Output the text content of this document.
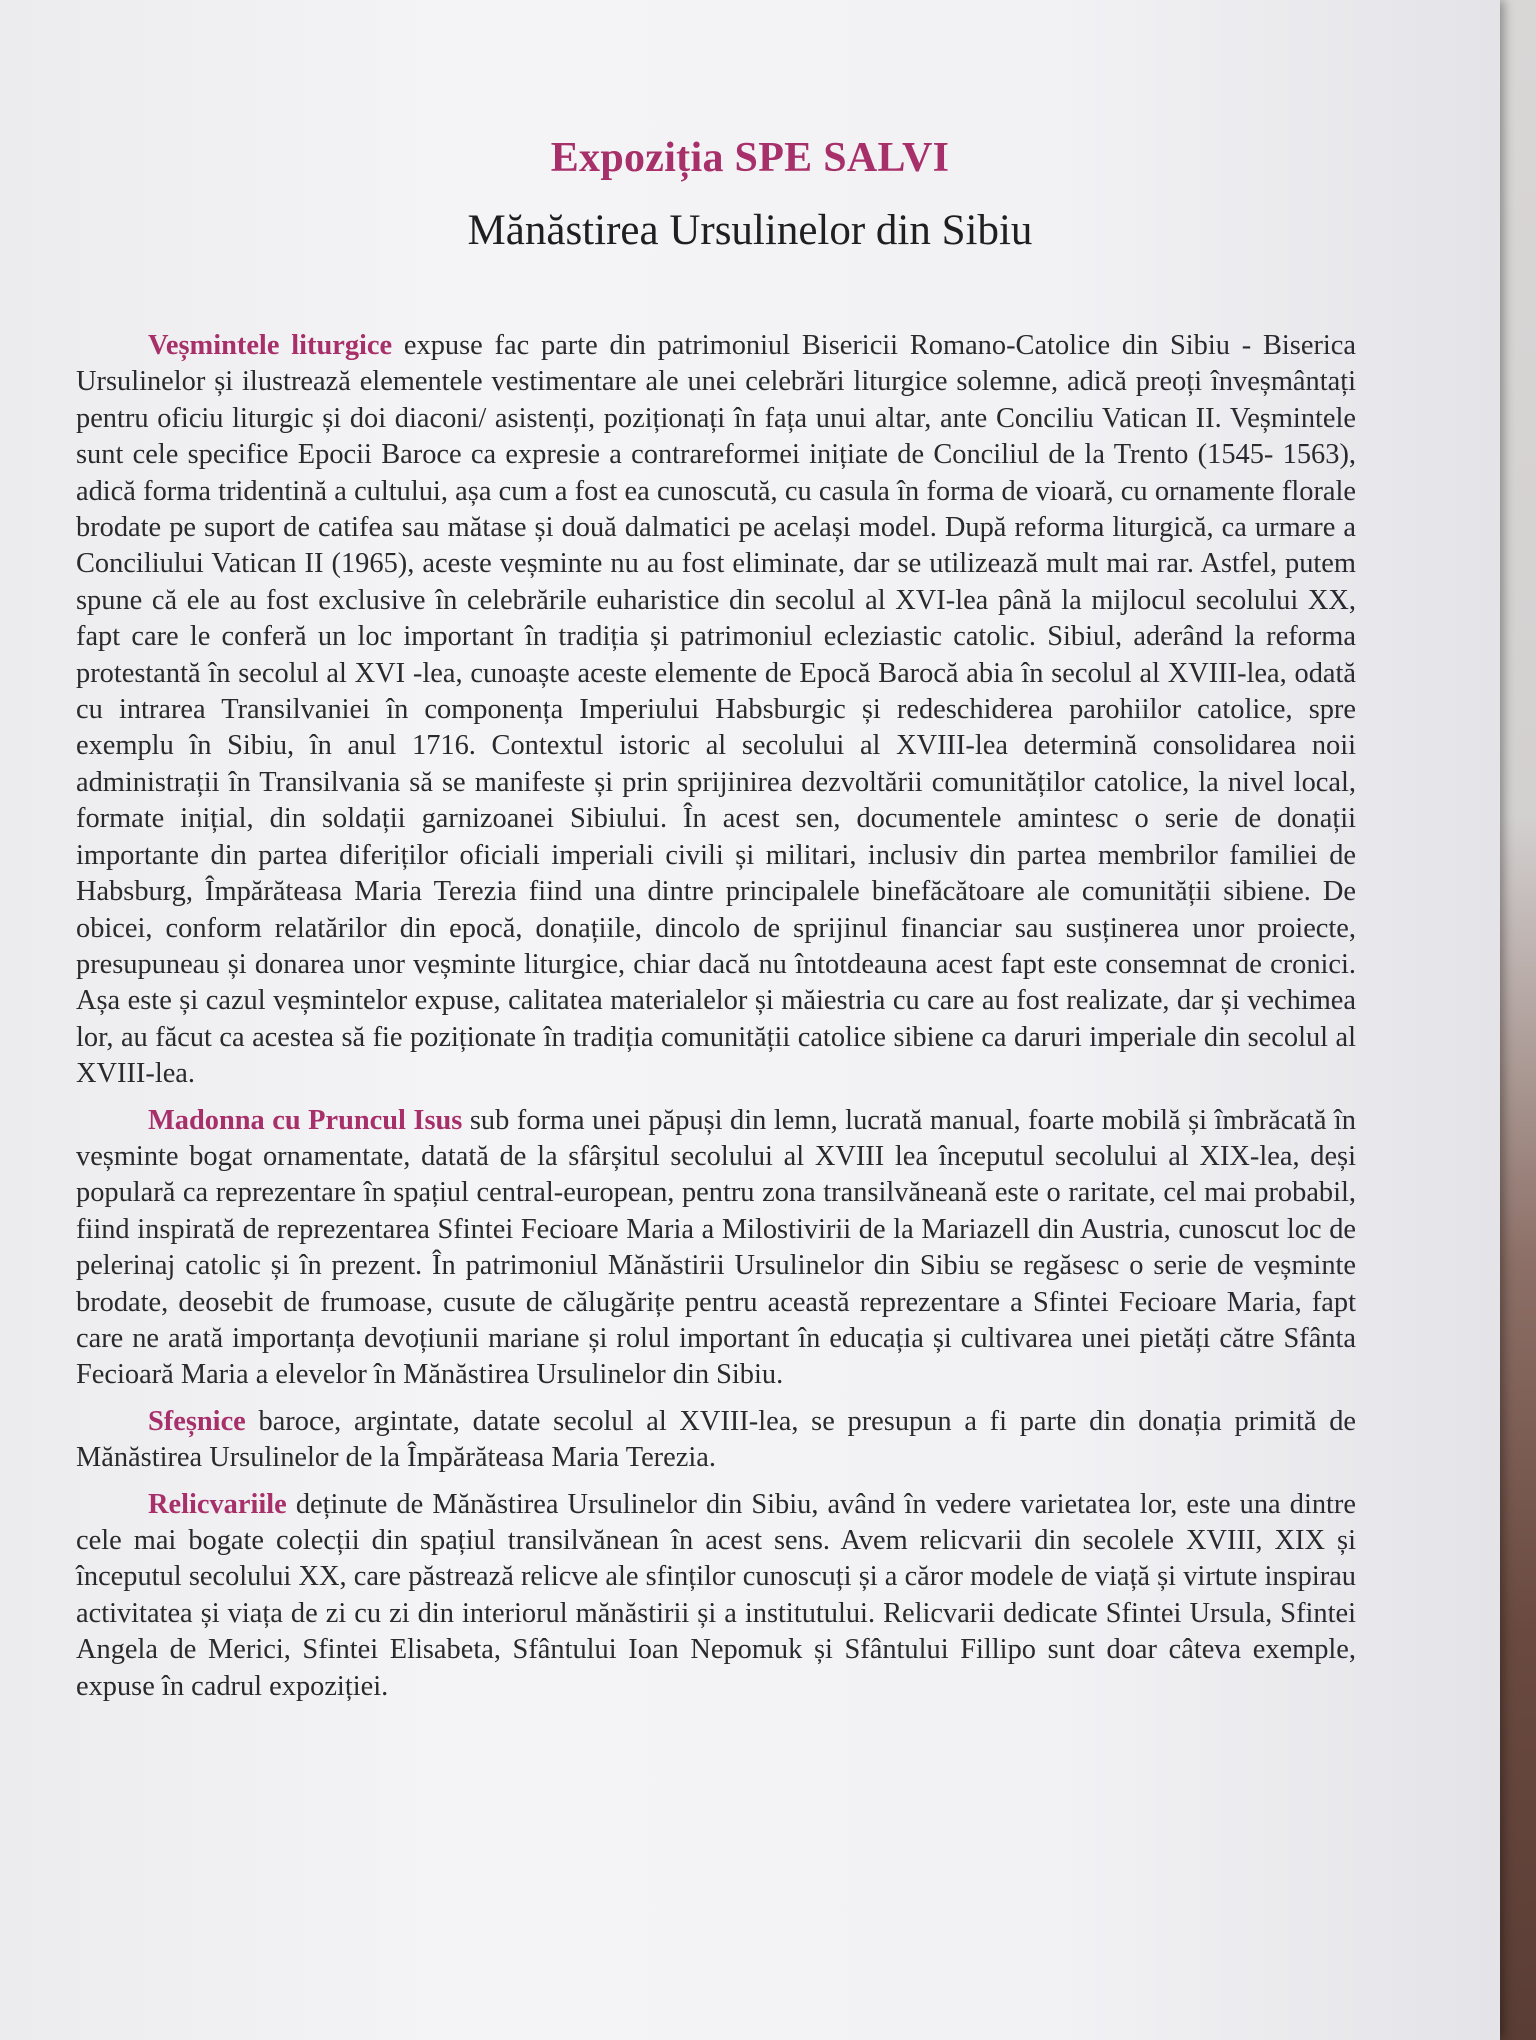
Expoziția SPE SALVI
Mănăstirea Ursulinelor din Sibiu

Veșmintele liturgice expuse fac parte din patrimoniul Bisericii Romano-Catolice din Sibiu - Biserica Ursulinelor și ilustrează elementele vestimentare ale unei celebrări liturgice solemne, adică preoți înveșmântați pentru oficiu liturgic și doi diaconi/ asistenți, poziționați în fața unui altar, ante Conciliu Vatican II. Veșmintele sunt cele specifice Epocii Baroce ca expresie a contrareformei inițiate de Conciliul de la Trento (1545- 1563), adică forma tridentină a cultului, așa cum a fost ea cunoscută, cu casula în forma de vioară, cu ornamente florale brodate pe suport de catifea sau mătase și două dalmatici pe același model. După reforma liturgică, ca urmare a Conciliului Vatican II (1965), aceste veșminte nu au fost eliminate, dar se utilizează mult mai rar. Astfel, putem spune că ele au fost exclusive în celebrările euharistice din secolul al XVI-lea până la mijlocul secolului XX, fapt care le conferă un loc important în tradiția și patrimoniul ecleziastic catolic. Sibiul, aderând la reforma protestantă în secolul al XVI -lea, cunoaște aceste elemente de Epocă Barocă abia în secolul al XVIII-lea, odată cu intrarea Transilvaniei în componența Imperiului Habsburgic și redeschiderea parohiilor catolice, spre exemplu în Sibiu, în anul 1716. Contextul istoric al secolului al XVIII-lea determină consolidarea noii administrații în Transilvania să se manifeste și prin sprijinirea dezvoltării comunităților catolice, la nivel local, formate inițial, din soldații garnizoanei Sibiului. În acest sen, documentele amintesc o serie de donații importante din partea diferiților oficiali imperiali civili și militari, inclusiv din partea membrilor familiei de Habsburg, Împărăteasa Maria Terezia fiind una dintre principalele binefăcătoare ale comunității sibiene. De obicei, conform relatărilor din epocă, donațiile, dincolo de sprijinul financiar sau susținerea unor proiecte, presupuneau și donarea unor veșminte liturgice, chiar dacă nu întotdeauna acest fapt este consemnat de cronici. Așa este și cazul veșmintelor expuse, calitatea materialelor și măiestria cu care au fost realizate, dar și vechimea lor, au făcut ca acestea să fie poziționate în tradiția comunității catolice sibiene ca daruri imperiale din secolul al XVIII-lea.

Madonna cu Pruncul Isus sub forma unei păpuși din lemn, lucrată manual, foarte mobilă și îmbrăcată în veșminte bogat ornamentate, datată de la sfârșitul secolului al XVIII lea începutul secolului al XIX-lea, deși populară ca reprezentare în spațiul central-european, pentru zona transilvăneană este o raritate, cel mai probabil, fiind inspirată de reprezentarea Sfintei Fecioare Maria a Milostivirii de la Mariazell din Austria, cunoscut loc de pelerinaj catolic și în prezent. În patrimoniul Mănăstirii Ursulinelor din Sibiu se regăsesc o serie de veșminte brodate, deosebit de frumoase, cusute de călugărițe pentru această reprezentare a Sfintei Fecioare Maria, fapt care ne arată importanța devoțiunii mariane și rolul important în educația și cultivarea unei pietăți către Sfânta Fecioară Maria a elevelor în Mănăstirea Ursulinelor din Sibiu.

Sfeșnice baroce, argintate, datate secolul al XVIII-lea, se presupun a fi parte din donația primită de Mănăstirea Ursulinelor de la Împărăteasa Maria Terezia.

Relicvariile deținute de Mănăstirea Ursulinelor din Sibiu, având în vedere varietatea lor, este una dintre cele mai bogate colecții din spațiul transilvănean în acest sens. Avem relicvarii din secolele XVIII, XIX și începutul secolului XX, care păstrează relicve ale sfinților cunoscuți și a căror modele de viață și virtute inspirau activitatea și viața de zi cu zi din interiorul mănăstirii și a institutului. Relicvarii dedicate Sfintei Ursula, Sfintei Angela de Merici, Sfintei Elisabeta, Sfântului Ioan Nepomuk și Sfântului Fillipo sunt doar câteva exemple, expuse în cadrul expoziției.
